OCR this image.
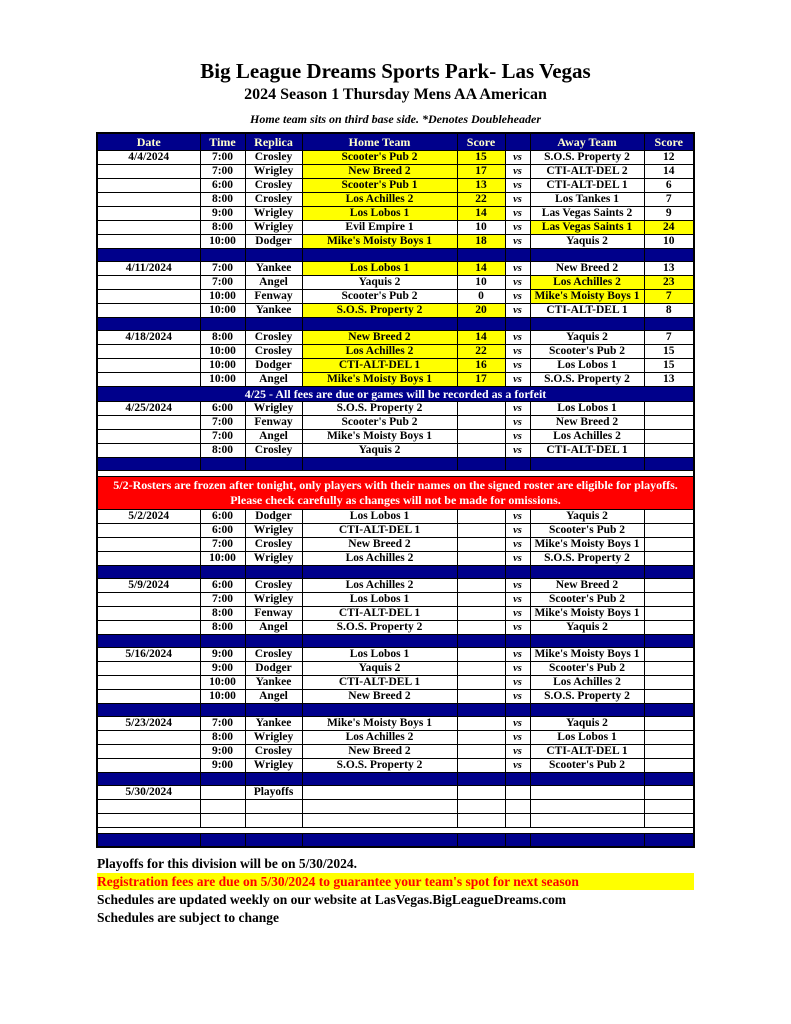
Big League Dreams Sports Park- Las Vegas
2024 Season 1 Thursday Mens AA American
Home team sits on third base side. *Denotes Doubleheader
Date	Time	Replica	Home Team	Score		Away Team	Score
4/4/2024	7:00	Crosley	Scooter's Pub 2	15	vs	S.O.S. Property 2	12
	7:00	Wrigley	New Breed 2	17	vs	CTI-ALT-DEL 2	14
	6:00	Crosley	Scooter's Pub 1	13	vs	CTI-ALT-DEL 1	6
	8:00	Crosley	Los Achilles 2	22	vs	Los Tankes 1	7
	9:00	Wrigley	Los Lobos 1	14	vs	Las Vegas Saints 2	9
	8:00	Wrigley	Evil Empire 1	10	vs	Las Vegas Saints 1	24
	10:00	Dodger	Mike's Moisty Boys 1	18	vs	Yaquis 2	10

4/11/2024	7:00	Yankee	Los Lobos 1	14	vs	New Breed 2	13
	7:00	Angel	Yaquis 2	10	vs	Los Achilles 2	23
	10:00	Fenway	Scooter's Pub 2	0	vs	Mike's Moisty Boys 1	7
	10:00	Yankee	S.O.S. Property 2	20	vs	CTI-ALT-DEL 1	8

4/18/2024	8:00	Crosley	New Breed 2	14	vs	Yaquis 2	7
	10:00	Crosley	Los Achilles 2	22	vs	Scooter's Pub 2	15
	10:00	Dodger	CTI-ALT-DEL 1	16	vs	Los Lobos 1	15
	10:00	Angel	Mike's Moisty Boys 1	17	vs	S.O.S. Property 2	13

4/25 - All fees are due or games will be recorded as a forfeit							

4/25/2024	6:00	Wrigley	S.O.S. Property 2		vs	Los Lobos 1	
	7:00	Fenway	Scooter's Pub 2		vs	New Breed 2	
	7:00	Angel	Mike's Moisty Boys 1		vs	Los Achilles 2	
	8:00	Crosley	Yaquis 2		vs	CTI-ALT-DEL 1	

5/2-Rosters are frozen after tonight, only players with their names on the signed roster are eligible for playoffs.
Please check carefully as changes will not be made for omissions.							

5/2/2024	6:00	Dodger	Los Lobos 1		vs	Yaquis 2	
	6:00	Wrigley	CTI-ALT-DEL 1		vs	Scooter's Pub 2	
	7:00	Crosley	New Breed 2		vs	Mike's Moisty Boys 1	
	10:00	Wrigley	Los Achilles 2		vs	S.O.S. Property 2	

5/9/2024	6:00	Crosley	Los Achilles 2		vs	New Breed 2	
	7:00	Wrigley	Los Lobos 1		vs	Scooter's Pub 2	
	8:00	Fenway	CTI-ALT-DEL 1		vs	Mike's Moisty Boys 1	
	8:00	Angel	S.O.S. Property 2		vs	Yaquis 2	

5/16/2024	9:00	Crosley	Los Lobos 1		vs	Mike's Moisty Boys 1	
	9:00	Dodger	Yaquis 2		vs	Scooter's Pub 2	
	10:00	Yankee	CTI-ALT-DEL 1		vs	Los Achilles 2	
	10:00	Angel	New Breed 2		vs	S.O.S. Property 2	

5/23/2024	7:00	Yankee	Mike's Moisty Boys 1		vs	Yaquis 2	
	8:00	Wrigley	Los Achilles 2		vs	Los Lobos 1	
	9:00	Crosley	New Breed 2		vs	CTI-ALT-DEL 1	
	9:00	Wrigley	S.O.S. Property 2		vs	Scooter's Pub 2	

5/30/2024		Playoffs					

Playoffs for this division will be on 5/30/2024.
Registration fees are due on 5/30/2024 to guarantee your team's spot for next season
Schedules are updated weekly on our website at LasVegas.BigLeagueDreams.com
Schedules are subject to change
